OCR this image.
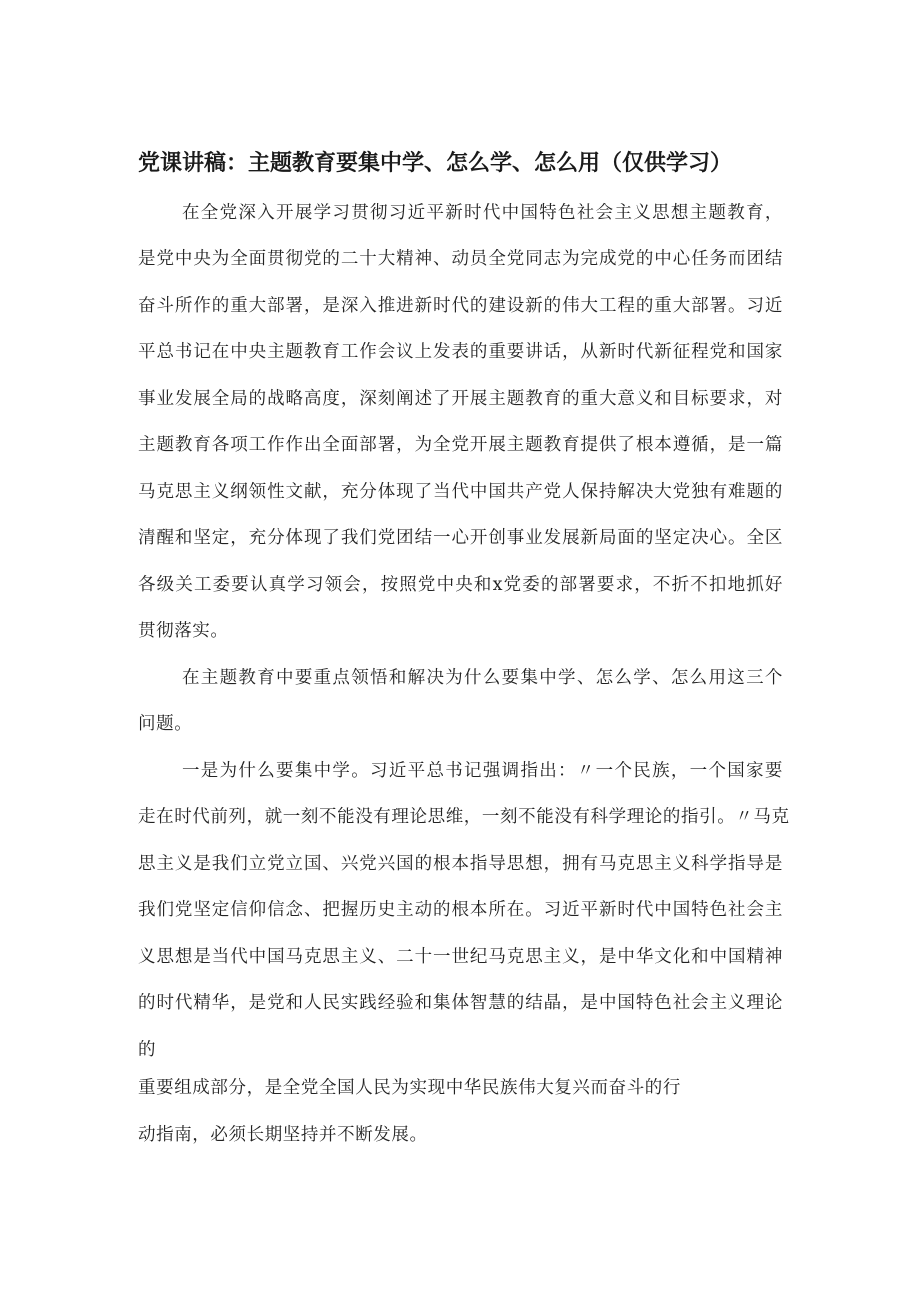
党课讲稿：主题教育要集中学、怎么学、怎么用（仅供学习）
在全党深入开展学习贯彻习近平新时代中国特色社会主义思想主题教育，
是党中央为全面贯彻党的二十大精神、动员全党同志为完成党的中心任务而团结
奋斗所作的重大部署，是深入推进新时代的建设新的伟大工程的重大部署。习近
平总书记在中央主题教育工作会议上发表的重要讲话，从新时代新征程党和国家
事业发展全局的战略高度，深刻阐述了开展主题教育的重大意义和目标要求，对
主题教育各项工作作出全面部署，为全党开展主题教育提供了根本遵循，是一篇
马克思主义纲领性文献，充分体现了当代中国共产党人保持解决大党独有难题的
清醒和坚定，充分体现了我们党团结一心开创事业发展新局面的坚定决心。全区
各级关工委要认真学习领会，按照党中央和x党委的部署要求，不折不扣地抓好
贯彻落实。
在主题教育中要重点领悟和解决为什么要集中学、怎么学、怎么用这三个
问题。
一是为什么要集中学。习近平总书记强调指出：〃一个民族，一个国家要
走在时代前列，就一刻不能没有理论思维，一刻不能没有科学理论的指引。〃马克
思主义是我们立党立国、兴党兴国的根本指导思想，拥有马克思主义科学指导是
我们党坚定信仰信念、把握历史主动的根本所在。习近平新时代中国特色社会主
义思想是当代中国马克思主义、二十一世纪马克思主义，是中华文化和中国精神
的时代精华，是党和人民实践经验和集体智慧的结晶，是中国特色社会主义理论
的
重要组成部分，是全党全国人民为实现中华民族伟大复兴而奋斗的行
动指南，必须长期坚持并不断发展。
